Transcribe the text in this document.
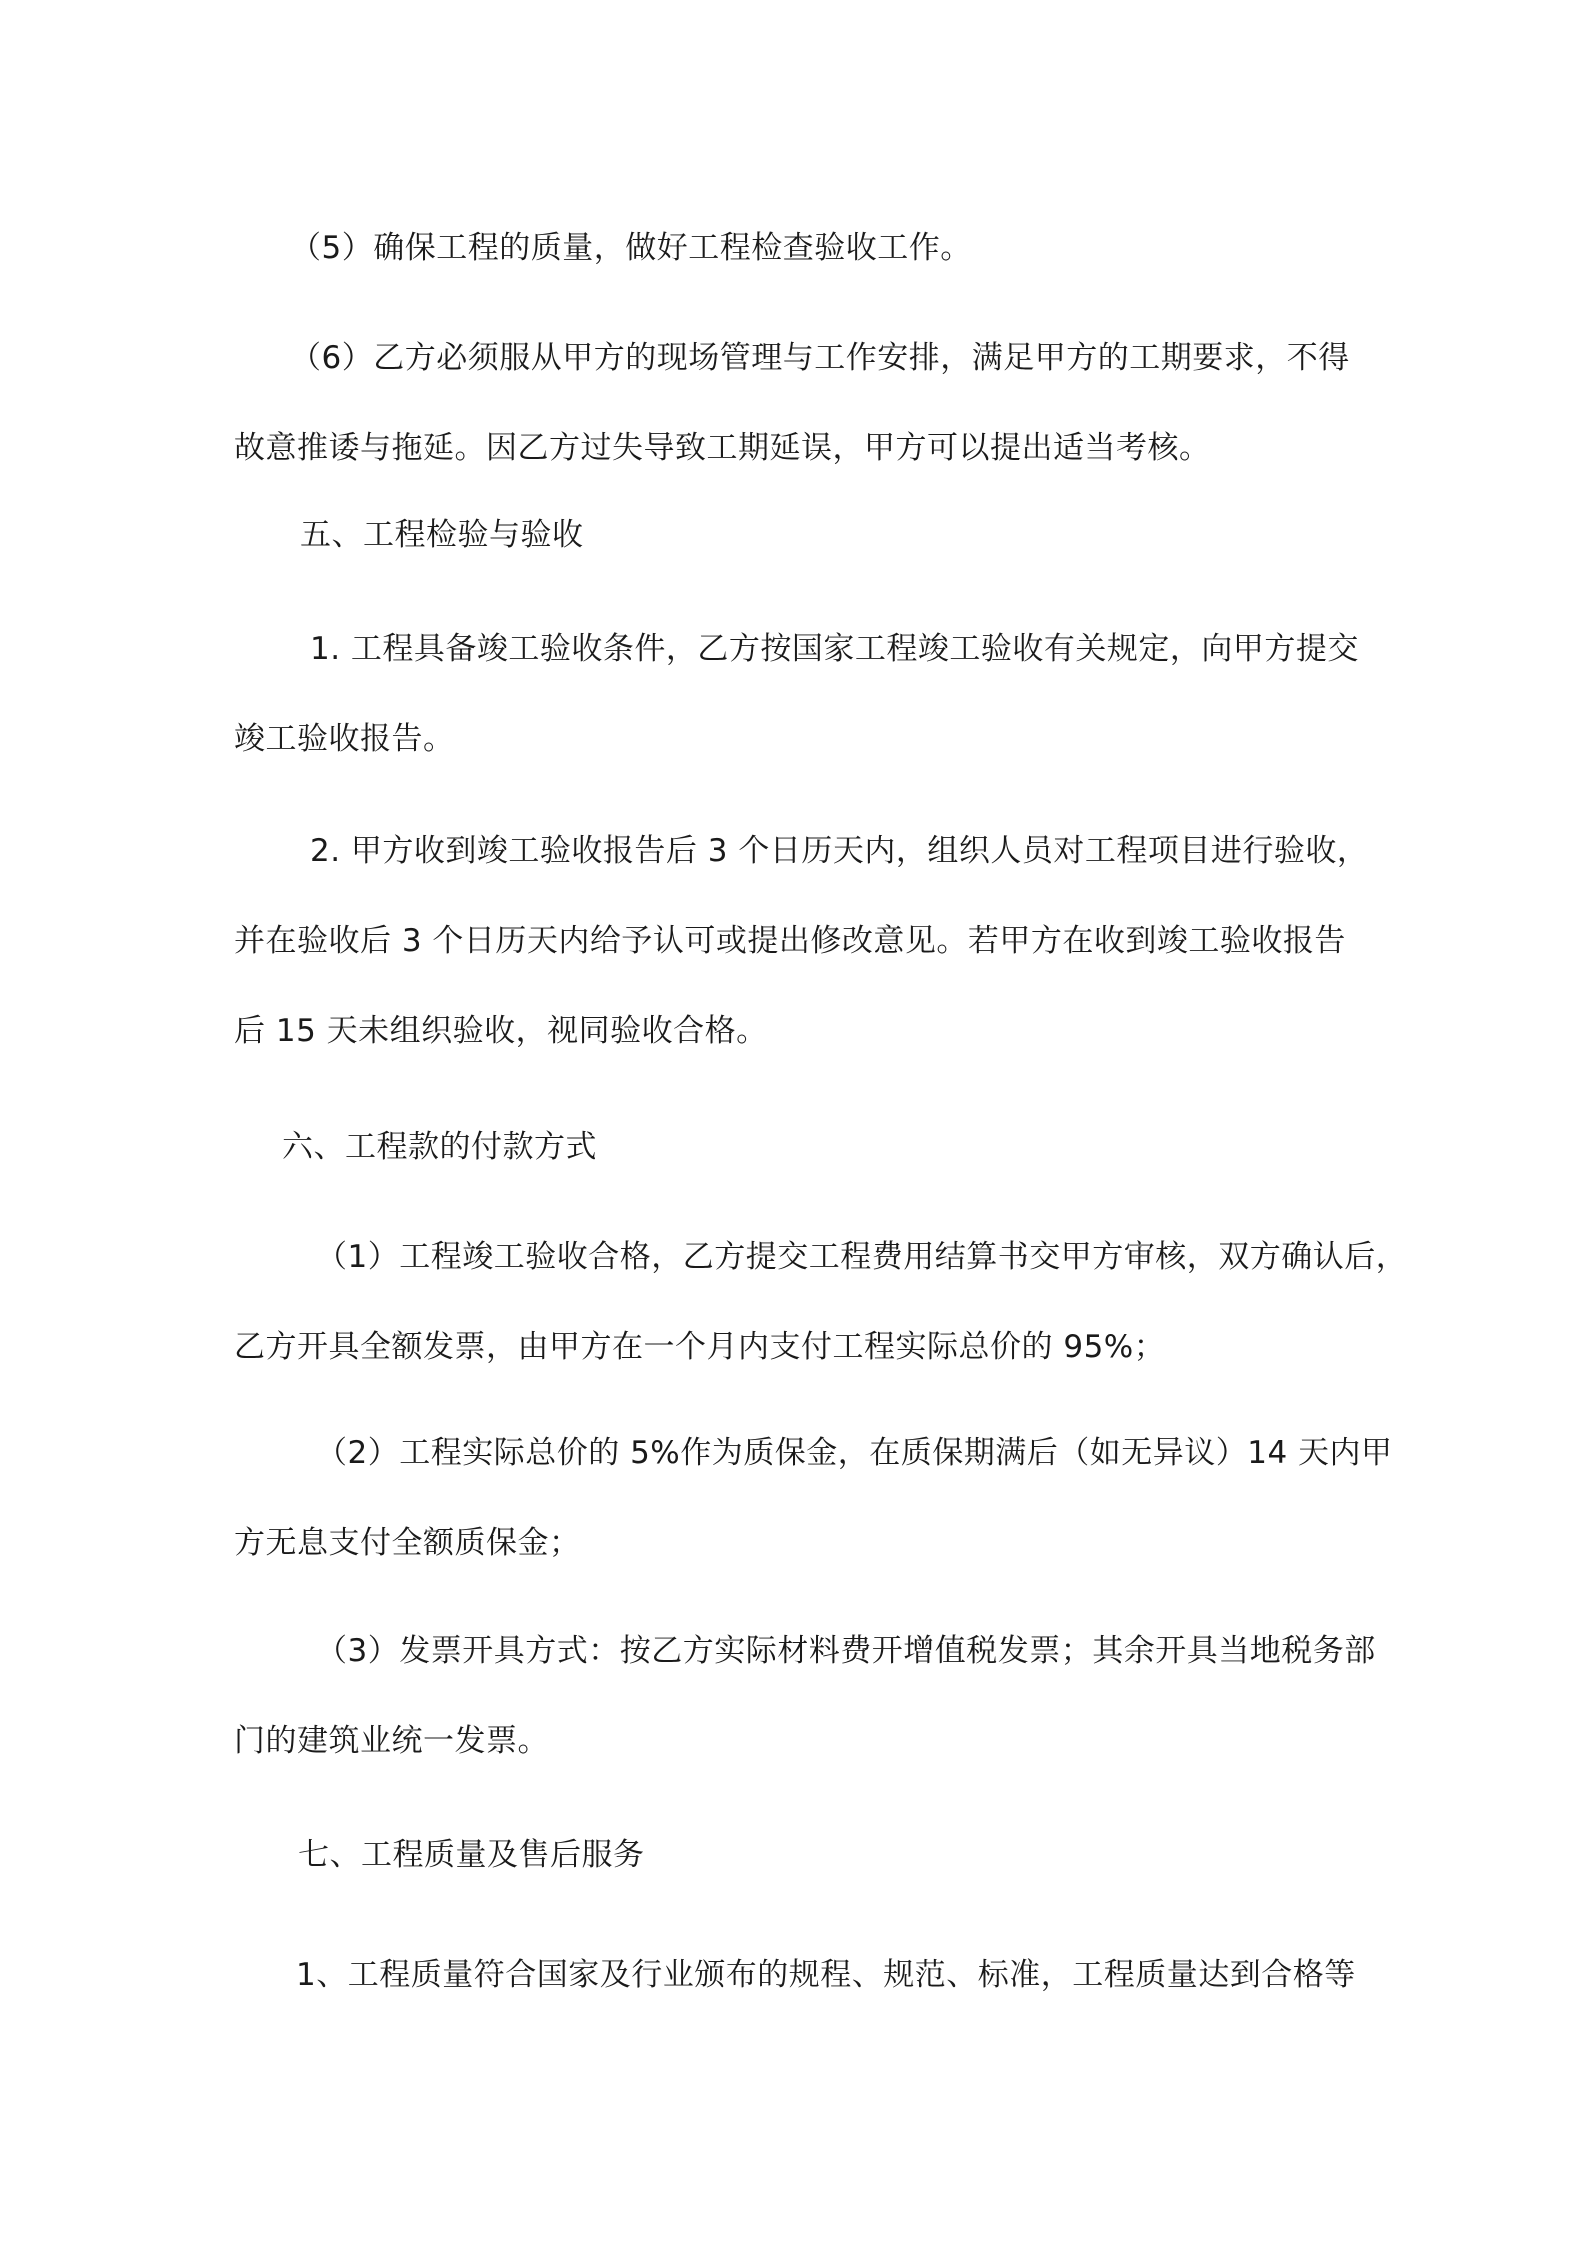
（5）确保工程的质量，做好工程检查验收工作。
（6）乙方必须服从甲方的现场管理与工作安排，满足甲方的工期要求，不得
故意推诿与拖延。因乙方过失导致工期延误，甲方可以提出适当考核。
五、工程检验与验收
1. 工程具备竣工验收条件，乙方按国家工程竣工验收有关规定，向甲方提交
竣工验收报告。
2. 甲方收到竣工验收报告后 3 个日历天内，组织人员对工程项目进行验收，
并在验收后 3 个日历天内给予认可或提出修改意见。若甲方在收到竣工验收报告
后 15 天未组织验收，视同验收合格。
六、工程款的付款方式
（1）工程竣工验收合格，乙方提交工程费用结算书交甲方审核，双方确认后，
乙方开具全额发票，由甲方在一个月内支付工程实际总价的 95%；
（2）工程实际总价的 5%作为质保金，在质保期满后（如无异议）14 天内甲
方无息支付全额质保金；
（3）发票开具方式：按乙方实际材料费开增值税发票；其余开具当地税务部
门的建筑业统一发票。
七、工程质量及售后服务
1、工程质量符合国家及行业颁布的规程、规范、标准，工程质量达到合格等
